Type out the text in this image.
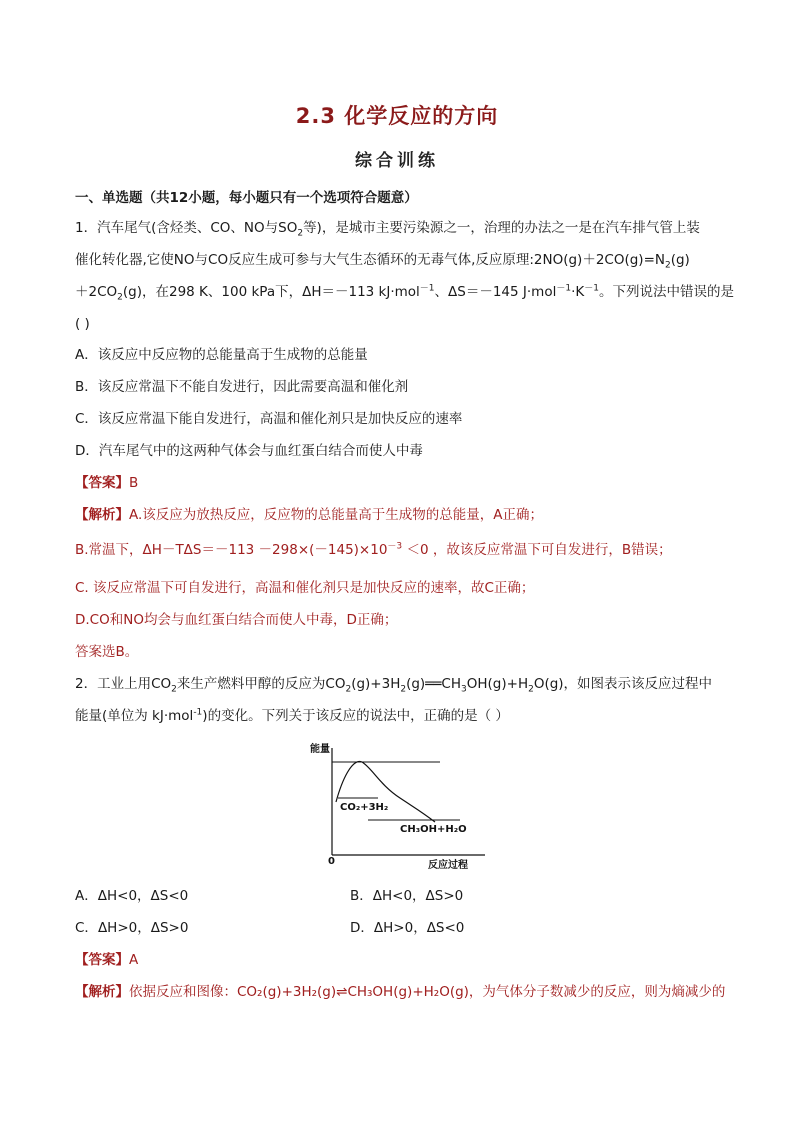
2.3 化学反应的方向
综合训练
一、单选题（共12小题，每小题只有一个选项符合题意）
1．汽车尾气(含烃类、CO、NO与$SO_2$等)，是城市主要污染源之一，治理的办法之一是在汽车排气管上装
催化转化器,它使NO与CO反应生成可参与大气生态循环的无毒气体,反应原理$:2NO(g)+2CO(g)=N_2(g)$
$+2CO_2(g)$，在298 K、100 kPa下，ΔH＝－113 kJ·mol$^{-1}$、ΔS＝－145 $J\cdot mol^{-1}\cdot K^{-1}$。下列说法中错误的是
( )
A．该反应中反应物的总能量高于生成物的总能量
B．该反应常温下不能自发进行，因此需要高温和催化剂
C．该反应常温下能自发进行，高温和催化剂只是加快反应的速率
D．汽车尾气中的这两种气体会与血红蛋白结合而使人中毒
【答案】B
【解析】A.该反应为放热反应，反应物的总能量高于生成物的总能量，A正确；
B.常温下，$\Delta H-T\Delta S=-113 -298\times(-145)\times 10^{-3} <0$ ，故该反应常温下可自发进行，B错误；
C. 该反应常温下可自发进行，高温和催化剂只是加快反应的速率，故C正确；
D.CO和NO均会与血红蛋白结合而使人中毒，D正确；
答案选B。
2．工业上用$CO_2$来生产燃料甲醇的反应为$CO_2(g)+3H_2(g)══CH_3OH(g)+H_2O(g)$，如图表示该反应过程中
能量(单位为 kJ·mol$^{-1}$)的变化。下列关于该反应的说法中，正确的是（ ）
能量
0	反应过程
CO₂+3H₂
CH₃OH+H₂O
A．ΔH<0，ΔS<0	B．ΔH<0，ΔS>0
C．ΔH>0，ΔS>0	D．ΔH>0，ΔS<0
【答案】A
【解析】依据反应和图像：CO₂(g)+3H₂(g)⇌CH₃OH(g)+H₂O(g)，为气体分子数减少的反应，则为熵减少的
